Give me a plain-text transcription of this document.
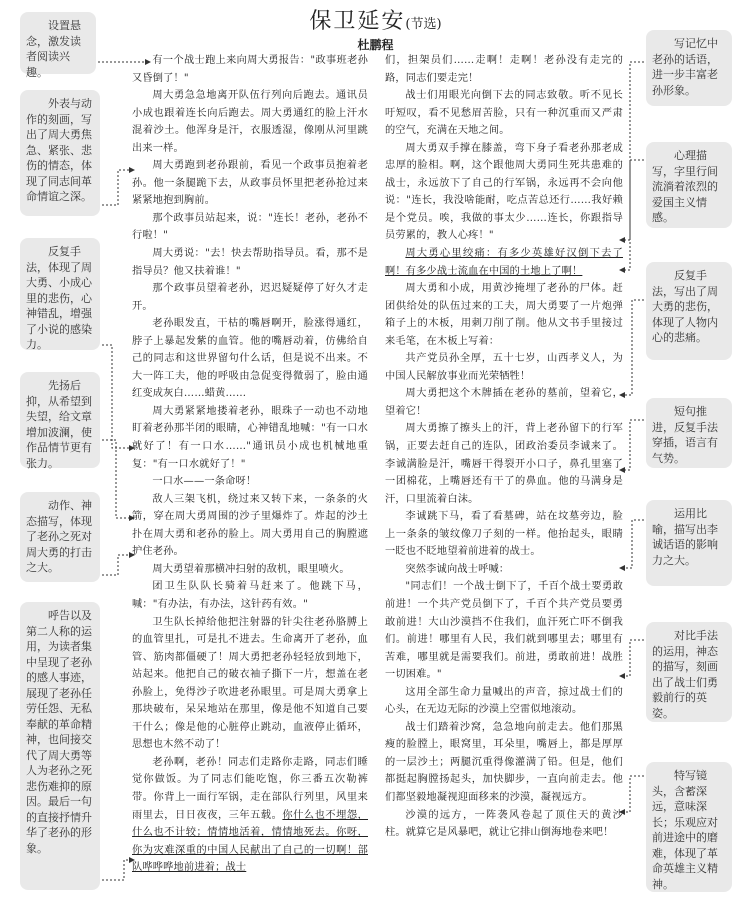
保卫延安(节选)
杜鹏程

有一个战士跑上来向周大勇报告："政事班老孙又昏倒了！"

周大勇急急地离开队伍行列向后跑去。通讯员小成也跟着连长向后跑去。周大勇通红的脸上汗水混着沙土。他浑身是汗，衣服透湿，像刚从河里跳出来一样。

周大勇跑到老孙跟前，看见一个政事员抱着老孙。他一条腿跪下去，从政事员怀里把老孙抢过来紧紧地抱到胸前。

那个政事员站起来，说："连长！老孙，老孙不行啦！"

周大勇说："去！快去帮助指导员。看，那不是指导员？他又扶着谁！"

那个政事员望着老孙，迟迟疑疑停了好久才走开。

老孙眼发直，干枯的嘴唇啊开，脸涨得通红，脖子上暴起发紫的血管。他的嘴唇动着，仿佛给自己的同志和这世界留句什么话，但是说不出来。不大一阵工夫，他的呼吸由急促变得微弱了，脸由通红变成灰白……蜡黄……

周大勇紧紧地搂着老孙，眼珠子一动也不动地盯着老孙那半闭的眼睛，心神错乱地喊："有一口水就好了！有一口水……"通讯员小成也机械地重复："有一口水就好了！"

一口水——一条命呀！

敌人三架飞机，绕过来又转下来，一条条的火箭，穿在周大勇周围的沙子里爆炸了。炸起的沙土扑在周大勇和老孙的脸上。周大勇用自己的胸膛遮护住老孙。

周大勇望着那横冲扫射的敌机，眼里喷火。

团卫生队队长骑着马赶来了。他跳下马，喊："有办法，有办法，这针药有效。"

卫生队长掉给他把注射器的针尖往老孙胳膊上的血管里扎，可是扎不进去。生命离开了老孙，血管、筋肉都僵硬了！周大勇把老孙轻轻放到地下，站起来。他把自己的破衣袖子撕下一片，想盖在老孙脸上，免得沙子吹进老孙眼里。可是周大勇拿上那块破布，呆呆地站在那里，像是他不知道自己要干什么；像是他的心脏停止跳动，血液停止循环，思想也木然不动了！

老孙啊，老孙！同志们走路你走路，同志们睡觉你做饭。为了同志们能吃饱，你三番五次勒裤带。你背上一面行军锅，走在部队行列里，风里来雨里去，日日夜夜，三年五载。你什么也不埋怨，什么也不计较；情情地活着，情情地死去。你呀，你为灾难深重的中国人民献出了自己的一切啊！部队哗哗哗地前进着；战士

们，担架员们……走啊！走啊！老孙没有走完的路，同志们要走完！

战士们用眼光向倒下去的同志致敬。听不见长吁短叹，看不见愁眉苦脸，只有一种沉重而又严肃的空气，充满在天地之间。

周大勇双手撑在膝盖，弯下身子看老孙那老成忠厚的脸相。啊，这个跟他周大勇同生死共患难的战士，永远放下了自己的行军锅，永远再不会向他说："连长，我没啥能耐，吃点苦总还行……我好赖是个党员。唉，我做的事太少……连长，你跟指导员劳累的，教人心疼！"

周大勇心里绞痛：有多少英雄好汉倒下去了啊！有多少战士流血在中国的土地上了啊！

周大勇和小成，用黄沙掩埋了老孙的尸体。赶团供给处的队伍过来的工夫，周大勇要了一片炮弹箱子上的木板，用刺刀削了削。他从文书手里接过来毛笔，在木板上写着：

共产党员孙全厚，五十七岁，山西孝义人，为中国人民解放事业而光荣牺牲！

周大勇把这个木牌插在老孙的墓前，望着它，望着它！

周大勇擦了擦头上的汗，背上老孙留下的行军锅，正要去赶自己的连队，团政治委员李诚来了。李诚满脸是汗，嘴唇干得裂开小口子，鼻孔里塞了一团棉花，上嘴唇还有干了的鼻血。他的马满身是汗，口里流着白沫。

李诚跳下马，看了看墓碑，站在坟墓旁边，脸上一条条的皱纹像刀子刻的一样。他抬起头，眼睛一眨也不眨地望着前进着的战士。

突然李诚向战士呼喊：

"同志们！一个战士倒下了，千百个战士要勇敢前进！一个共产党员倒下了，千百个共产党员要勇敢前进！大山沙漠挡不住我们，血汗死亡吓不倒我们。前进！哪里有人民，我们就到哪里去；哪里有苦难，哪里就是需要我们。前进，勇敢前进！战胜一切困难。"

这用全部生命力量喊出的声音，掠过战士们的心头，在无边无际的沙漠上空雷似地滚动。

战士们踏着沙窝，急急地向前走去。他们那黑瘦的脸膛上，眼窝里，耳朵里，嘴唇上，都是厚厚的一层沙土；两腿沉重得像灌满了铅。但是，他们都挺起胸膛扬起头，加快脚步，一直向前走去。他们都坚毅地凝视迎面移来的沙漠，凝视远方。

沙漠的远方，一阵袭风卷起了顶住天的黄沙柱。就算它是风暴吧，就让它排山倒海地卷来吧！

设置悬念，激发读者阅读兴趣。
外表与动作的刻画，写出了周大勇焦急、紧张、悲伤的情态，体现了同志间革命情谊之深。
反复手法，体现了周大勇、小成心里的悲伤，心神错乱，增强了小说的感染力。
先扬后抑，从希望到失望，给文章增加波澜，使作品情节更有张力。
动作、神态描写，体现了老孙之死对周大勇的打击之大。
呼告以及第二人称的运用，为读者集中呈现了老孙的感人事迹，展现了老孙任劳任怨、无私奉献的革命精神，也间接交代了周大勇等人为老孙之死悲伤难抑的原因。最后一句的直接抒情升华了老孙的形象。
写记忆中老孙的话语，进一步丰富老孙形象。
心理描写，字里行间流淌着浓烈的爱国主义情感。
反复手法，写出了周大勇的悲伤，体现了人物内心的悲痛。
短句推进，反复手法穿插，语言有气势。
运用比喻，描写出李诚话语的影响力之大。
对比手法的运用，神态的描写，刻画出了战士们勇毅前行的英姿。
特写镜头，含蓄深远，意味深长；乐观应对前进途中的磨难，体现了革命英雄主义精神。
